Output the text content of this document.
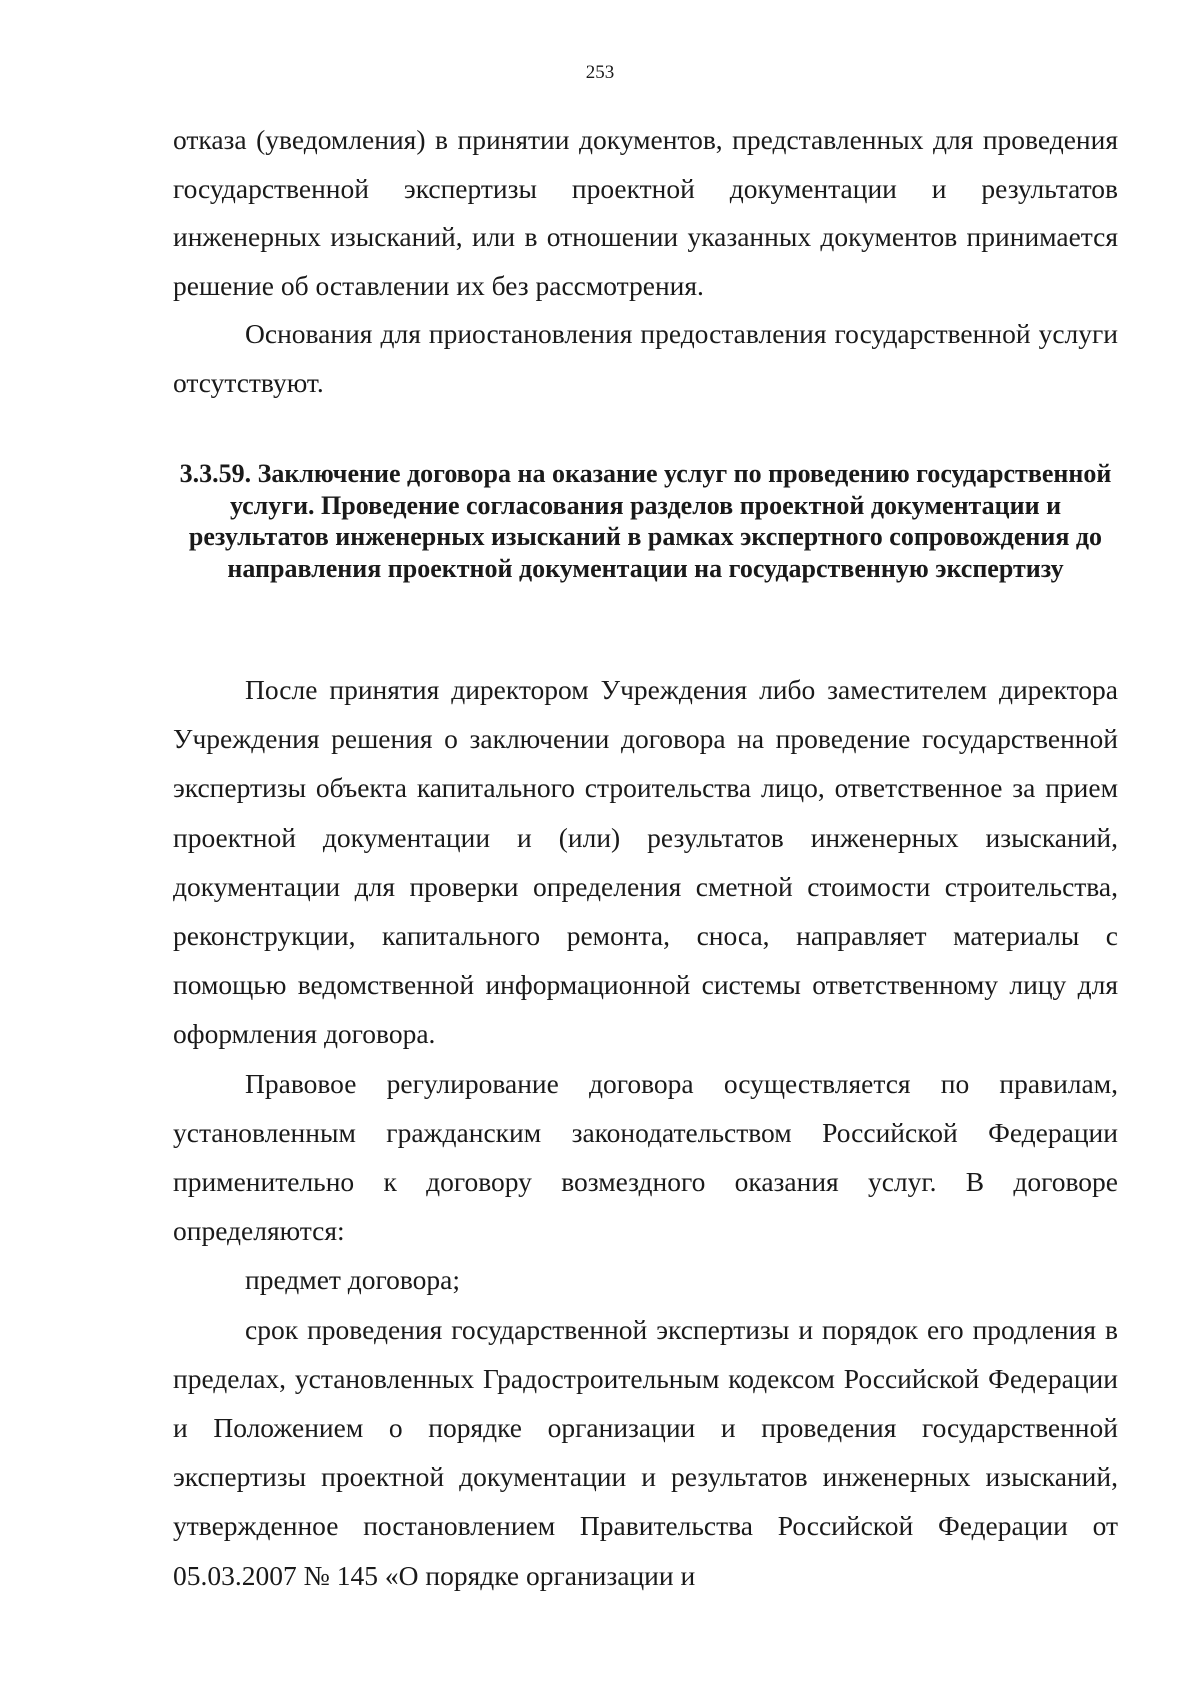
253

отказа (уведомления) в принятии документов, представленных для проведения государственной экспертизы проектной документации и результатов инженерных изысканий, или в отношении указанных документов принимается решение об оставлении их без рассмотрения.

Основания для приостановления предоставления государственной услуги отсутствуют.

3.3.59. Заключение договора на оказание услуг по проведению государственной услуги. Проведение согласования разделов проектной документации и результатов инженерных изысканий в рамках экспертного сопровождения до направления проектной документации на государственную экспертизу

После принятия директором Учреждения либо заместителем директора Учреждения решения о заключении договора на проведение государственной экспертизы объекта капитального строительства лицо, ответственное за прием проектной документации и (или) результатов инженерных изысканий, документации для проверки определения сметной стоимости строительства, реконструкции, капитального ремонта, сноса, направляет материалы с помощью ведомственной информационной системы ответственному лицу для оформления договора.

Правовое регулирование договора осуществляется по правилам, установленным гражданским законодательством Российской Федерации применительно к договору возмездного оказания услуг. В договоре определяются:

предмет договора;

срок проведения государственной экспертизы и порядок его продления в пределах, установленных Градостроительным кодексом Российской Федерации и Положением о порядке организации и проведения государственной экспертизы проектной документации и результатов инженерных изысканий, утвержденное постановлением Правительства Российской Федерации от 05.03.2007 № 145 «О порядке организации и
